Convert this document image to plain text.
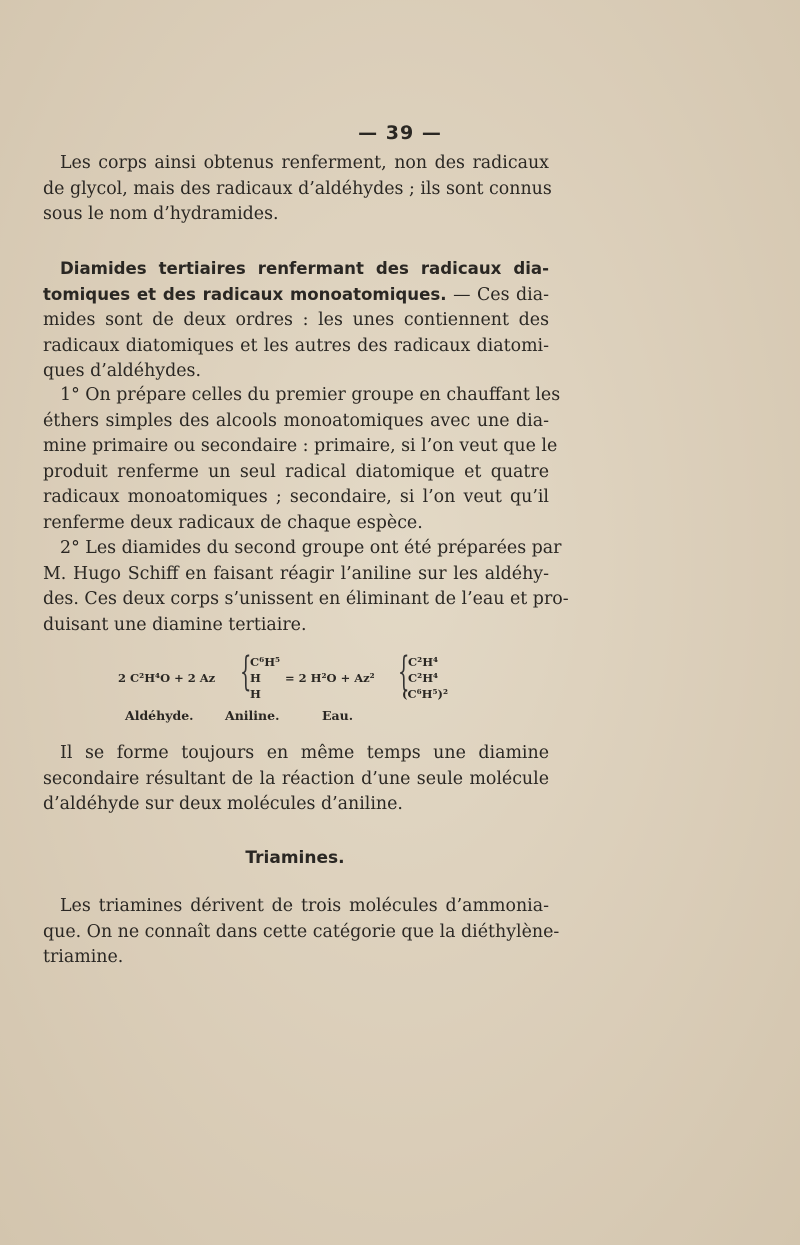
— 39 —
Les corps ainsi obtenus renferment, non des radicaux
de glycol, mais des radicaux d’aldéhydes ; ils sont connus
sous le nom d’hydramides.
Diamides tertiaires renfermant des radicaux dia-
tomiques et des radicaux monoatomiques. — Ces dia-
mides sont de deux ordres : les unes contiennent des
radicaux diatomiques et les autres des radicaux diatomi-
ques d’aldéhydes.
1° On prépare celles du premier groupe en chauffant les
éthers simples des alcools monoatomiques avec une dia-
mine primaire ou secondaire : primaire, si l’on veut que le
produit renferme un seul radical diatomique et quatre
radicaux monoatomiques ; secondaire, si l’on veut qu’il
renferme deux radicaux de chaque espèce.
2° Les diamides du second groupe ont été préparées par
M. Hugo Schiff en faisant réagir l’aniline sur les aldéhy-
des. Ces deux corps s’unissent en éliminant de l’eau et pro-
duisant une diamine tertiaire.
2 C²H⁴O + 2 Az {
C⁶H⁵
H
H
= 2 H²O + Az² {
C²H⁴
C²H⁴
(C⁶H⁵)²
Aldéhyde.	Aniline.	Eau.
Il se forme toujours en même temps une diamine
secondaire résultant de la réaction d’une seule molécule
d’aldéhyde sur deux molécules d’aniline.
Triamines.
Les triamines dérivent de trois molécules d’ammonia-
que. On ne connaît dans cette catégorie que la diéthylène-
triamine.
